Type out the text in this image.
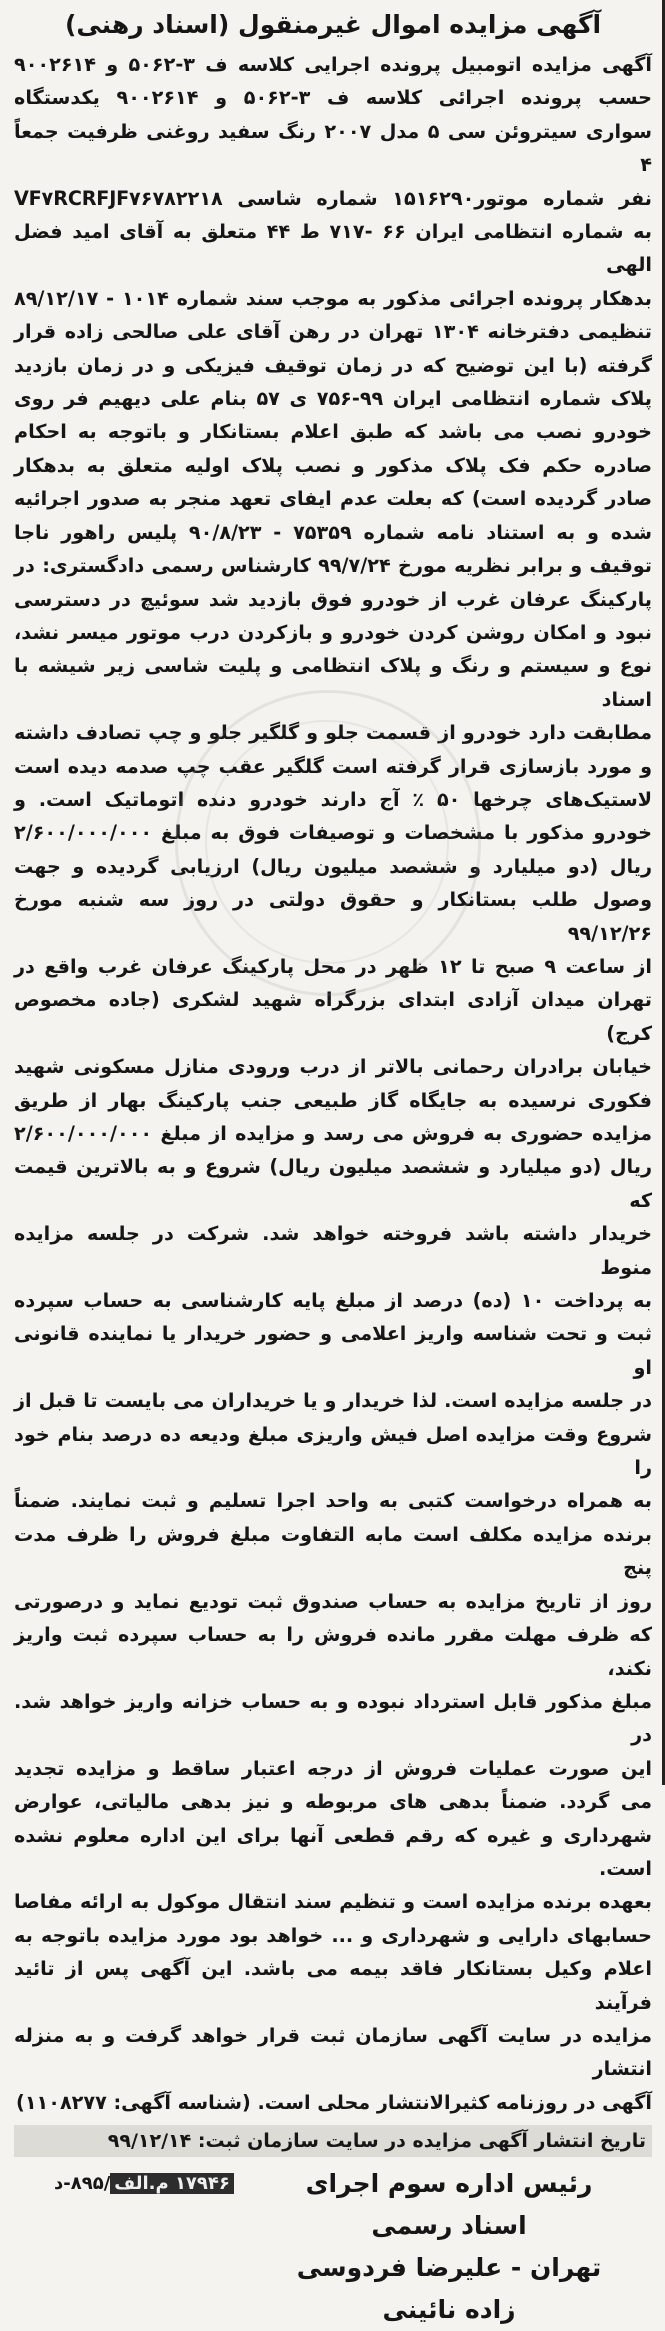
آگهی مزایده اموال غیرمنقول (اسناد رهنی)

آگهی مزایده اتومبیل پرونده اجرایی کلاسه ف ۳-۵۰۶۲ و ۹۰۰۲۶۱۴

حسب پرونده اجرائی کلاسه ف ۳-۵۰۶۲ و ۹۰۰۲۶۱۴ یکدستگاه

سواری سیتروئن سی ۵ مدل ۲۰۰۷ رنگ سفید روغنی ظرفیت جمعاً ۴

نفر شماره موتور۱۵۱۶۲۹۰ شماره شاسی VF۷RCRFJF۷۶۷۸۲۲۱۸

به شماره انتظامی ایران ۶۶ -۷۱۷ ط ۴۴ متعلق به آقای امید فضل الهی

بدهکار پرونده اجرائی مذکور به موجب سند شماره ۱۰۱۴ - ۸۹/۱۲/۱۷

تنظیمی دفترخانه ۱۳۰۴ تهران در رهن آقای علی صالحی زاده قرار

گرفته (با این توضیح که در زمان توقیف فیزیکی و در زمان بازدید

پلاک شماره انتظامی ایران ۹۹-۷۵۶ ی ۵۷ بنام علی دیهیم فر روی

خودرو نصب می باشد که طبق اعلام بستانکار و باتوجه به احکام

صادره حکم فک پلاک مذکور و نصب پلاک اولیه متعلق به بدهکار

صادر گردیده است) که بعلت عدم ایفای تعهد منجر به صدور اجرائیه

شده و به استناد نامه شماره ۷۵۳۵۹ - ۹۰/۸/۲۳ پلیس راهور ناجا

توقیف و برابر نظریه مورخ ۹۹/۷/۲۴ کارشناس رسمی دادگستری: در

پارکینگ عرفان غرب از خودرو فوق بازدید شد سوئیچ در دسترسی

نبود و امکان روشن کردن خودرو و بازکردن درب موتور میسر نشد،

نوع و سیستم و رنگ و پلاک انتظامی و پلیت شاسی زیر شیشه با اسناد

مطابقت دارد خودرو از قسمت جلو و گلگیر جلو و چپ تصادف داشته

و مورد بازسازی قرار گرفته است گلگیر عقب چپ صدمه دیده است

لاستیک‌های چرخها ۵۰ ٪ آج دارند خودرو دنده اتوماتیک است. و

خودرو مذکور با مشخصات و توصیفات فوق به مبلغ ۲/۶۰۰/۰۰۰/۰۰۰

ریال (دو میلیارد و ششصد میلیون ریال) ارزیابی گردیده و جهت

وصول طلب بستانکار و حقوق دولتی در روز سه شنبه مورخ ۹۹/۱۲/۲۶

از ساعت ۹ صبح تا ۱۲ ظهر در محل پارکینگ عرفان غرب واقع در

تهران میدان آزادی ابتدای بزرگراه شهید لشکری (جاده مخصوص کرج)

خیابان برادران رحمانی بالاتر از درب ورودی منازل مسکونی شهید

فکوری نرسیده به جایگاه گاز طبیعی جنب پارکینگ بهار از طریق

مزایده حضوری به فروش می رسد و مزایده از مبلغ ۲/۶۰۰/۰۰۰/۰۰۰

ریال (دو میلیارد و ششصد میلیون ریال) شروع و به بالاترین قیمت که

خریدار داشته باشد فروخته خواهد شد. شرکت در جلسه مزایده منوط

به پرداخت ۱۰ (ده) درصد از مبلغ پایه کارشناسی به حساب سپرده

ثبت و تحت شناسه واریز اعلامی و حضور خریدار یا نماینده قانونی او

در جلسه مزایده است. لذا خریدار و یا خریداران می بایست تا قبل از

شروع وقت مزایده اصل فیش واریزی مبلغ ودیعه ده درصد بنام خود را

به همراه درخواست کتبی به واحد اجرا تسلیم و ثبت نمایند. ضمناً

برنده مزایده مکلف است مابه التفاوت مبلغ فروش را ظرف مدت پنج

روز از تاریخ مزایده به حساب صندوق ثبت تودیع نماید و درصورتی

که ظرف مهلت مقرر مانده فروش را به حساب سپرده ثبت واریز نکند،

مبلغ مذکور قابل استرداد نبوده و به حساب خزانه واریز خواهد شد. در

این صورت عملیات فروش از درجه اعتبار ساقط و مزایده تجدید

می گردد. ضمناً بدهی های مربوطه و نیز بدهی مالیاتی، عوارض

شهرداری و غیره که رقم قطعی آنها برای این اداره معلوم نشده است.

بعهده برنده مزایده است و تنظیم سند انتقال موکول به ارائه مفاصا

حسابهای دارایی و شهرداری و ... خواهد بود مورد مزایده باتوجه به

اعلام وکیل بستانکار فاقد بیمه می باشد. این آگهی پس از تائید فرآیند

مزایده در سایت آگهی سازمان ثبت قرار خواهد گرفت و به منزله انتشار

آگهی در روزنامه کثیرالانتشار محلی است. (شناسه آگهی: ۱۱۰۸۲۷۷)

تاریخ انتشار آگهی مزایده در سایت سازمان ثبت: ۹۹/۱۲/۱۴
رئیس اداره سوم اجرای اسناد رسمی
تهران - علیرضا فردوسی زاده نائینی
۱۷۹۴۶ م.الف/۸۹۵-د
